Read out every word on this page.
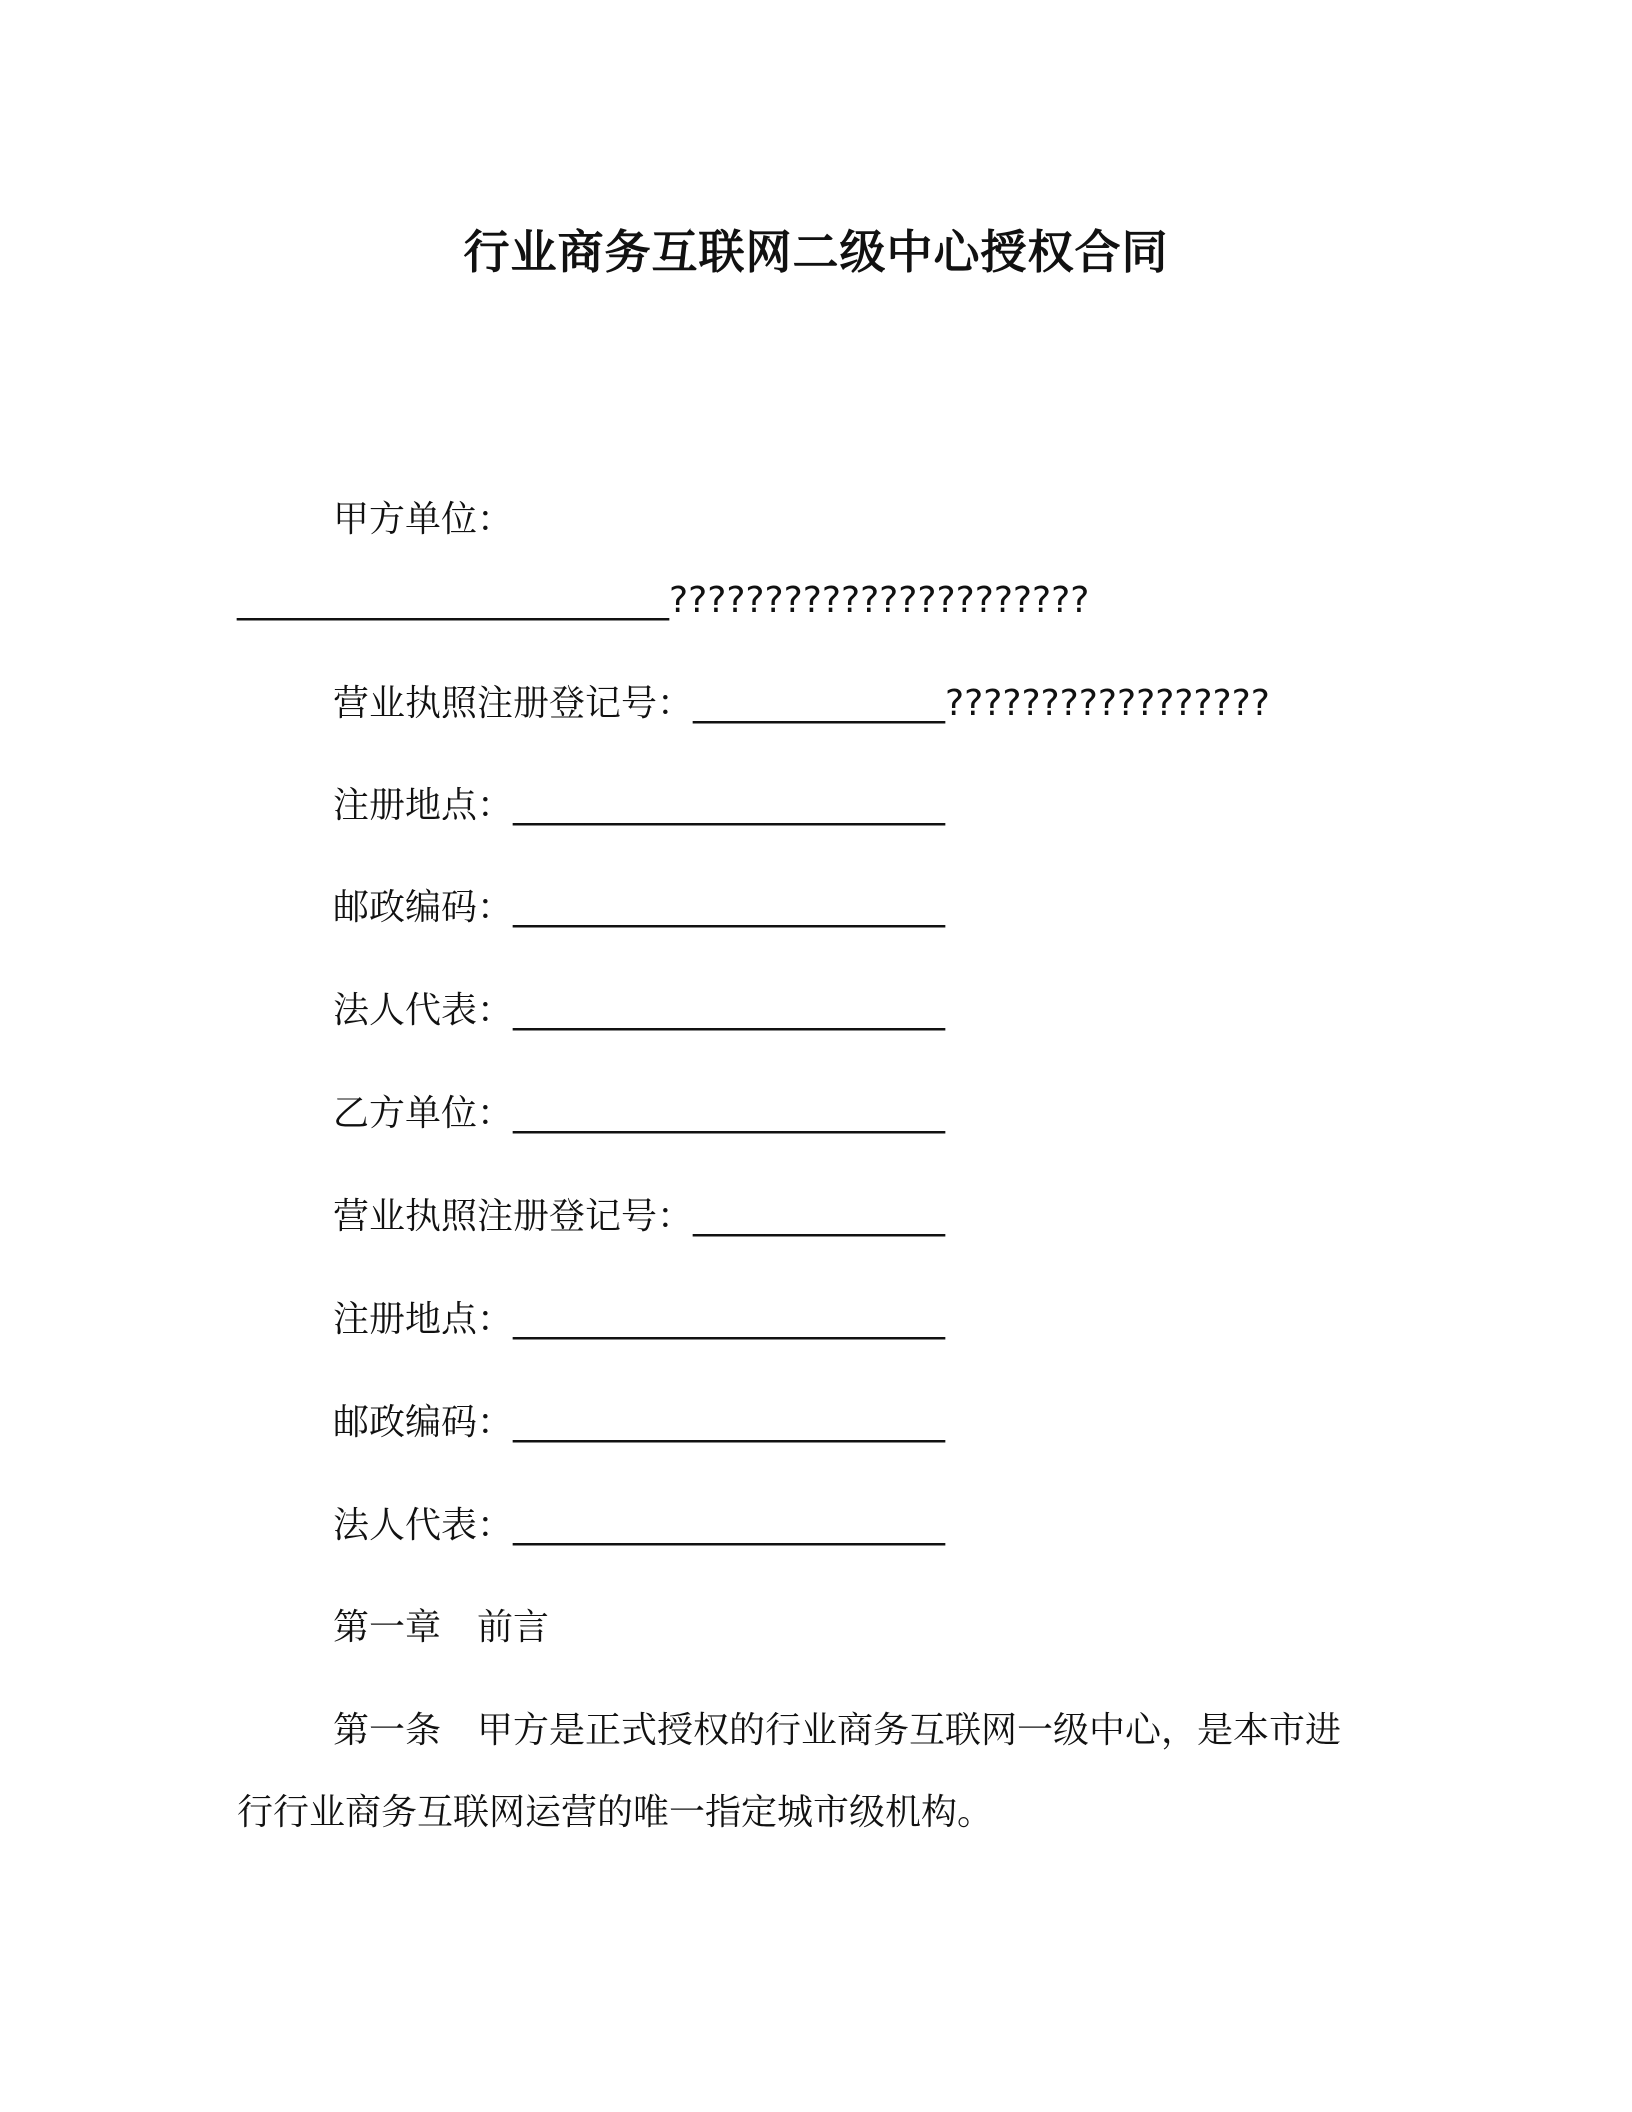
行业商务互联网二级中心授权合同
甲方单位：
________________________??????????????????????
营业执照注册登记号：______________?????????????????
注册地点：________________________
邮政编码：________________________
法人代表：________________________
乙方单位：________________________
营业执照注册登记号：______________
注册地点：________________________
邮政编码：________________________
法人代表：________________________
第一章　前言
第一条　甲方是正式授权的行业商务互联网一级中心，是本市进
行行业商务互联网运营的唯一指定城市级机构。
